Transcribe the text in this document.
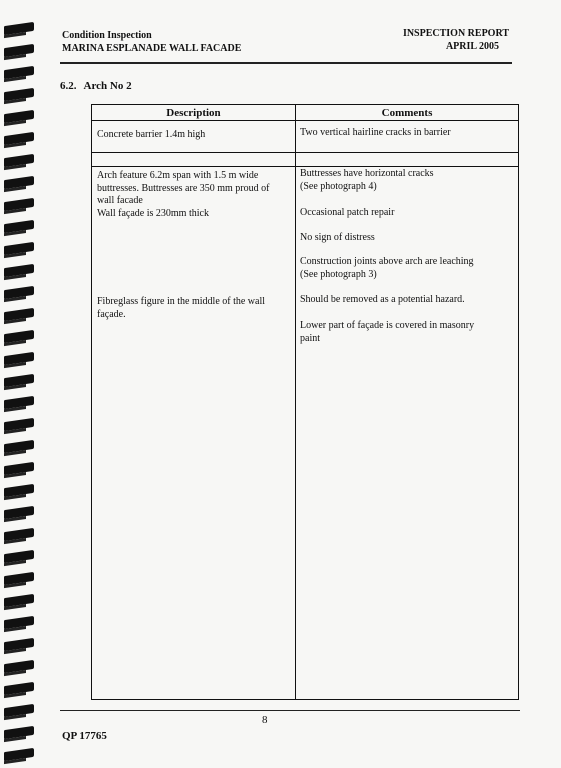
Condition Inspection
MARINA ESPLANADE WALL FACADE
INSPECTION REPORT
APRIL 2005
6.2. Arch No 2
Description	Comments
Concrete barrier 1.4m high	Two vertical hairline cracks in barrier
Arch feature 6.2m span with 1.5 m wide
buttresses. Buttresses are 350 mm proud of
wall facade
Wall façade is 230mm thick
Fibreglass figure in the middle of the wall
façade.
Buttresses have horizontal cracks
(See photograph 4)
Occasional patch repair
No sign of distress
Construction joints above arch are leaching
(See photograph 3)
Should be removed as a potential hazard.
Lower part of façade is covered in masonry
paint
8
QP 17765
